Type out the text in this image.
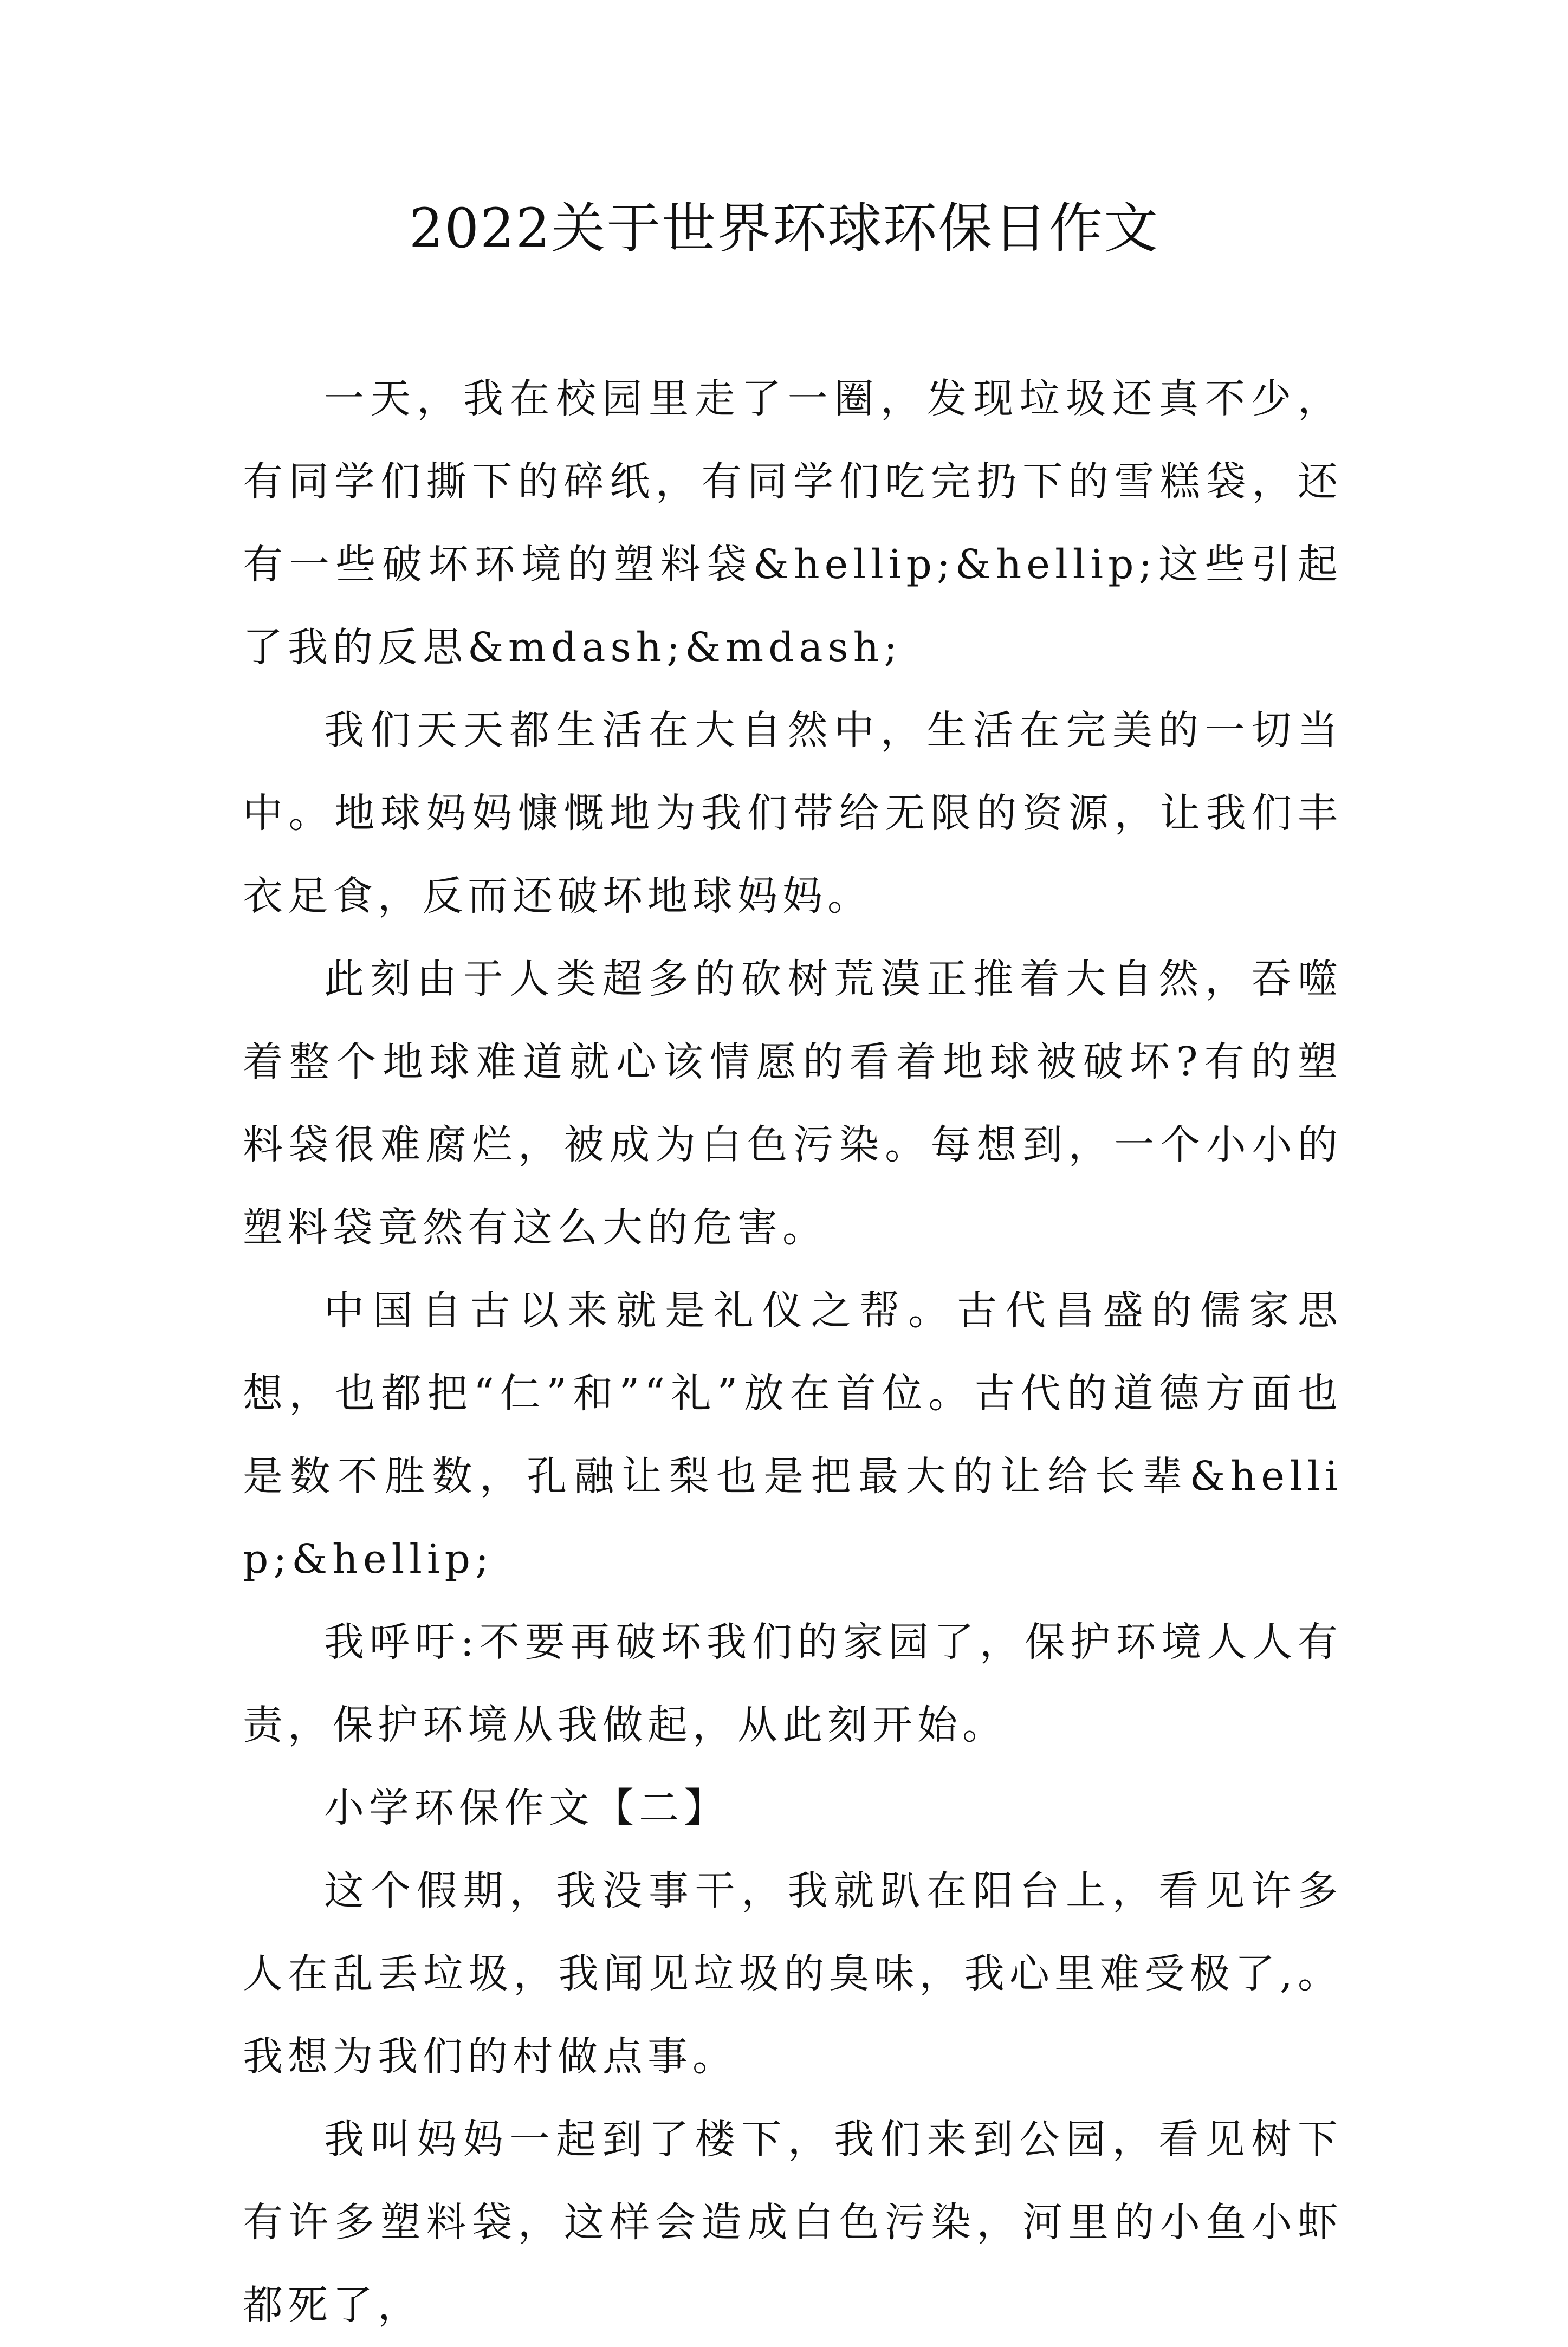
2022关于世界环球环保日作文

一天，我在校园里走了一圈，发现垃圾还真不少，有同学们撕下的碎纸，有同学们吃完扔下的雪糕袋，还有一些破坏环境的塑料袋&hellip;&hellip;这些引起了我的反思&mdash;&mdash;

我们天天都生活在大自然中，生活在完美的一切当中。地球妈妈慷慨地为我们带给无限的资源，让我们丰衣足食，反而还破坏地球妈妈。

此刻由于人类超多的砍树荒漠正推着大自然，吞噬着整个地球难道就心该情愿的看着地球被破坏?有的塑料袋很难腐烂，被成为白色污染。每想到，一个小小的塑料袋竟然有这么大的危害。

中国自古以来就是礼仪之帮。古代昌盛的儒家思想，也都把“仁”和”“礼”放在首位。古代的道德方面也是数不胜数，孔融让梨也是把最大的让给长辈&hellip;&hellip;

我呼吁:不要再破坏我们的家园了，保护环境人人有责，保护环境从我做起，从此刻开始。

小学环保作文【二】

这个假期，我没事干，我就趴在阳台上，看见许多人在乱丢垃圾，我闻见垃圾的臭味，我心里难受极了,。我想为我们的村做点事。

我叫妈妈一起到了楼下，我们来到公园，看见树下有许多塑料袋，这样会造成白色污染，河里的小鱼小虾都死了，
